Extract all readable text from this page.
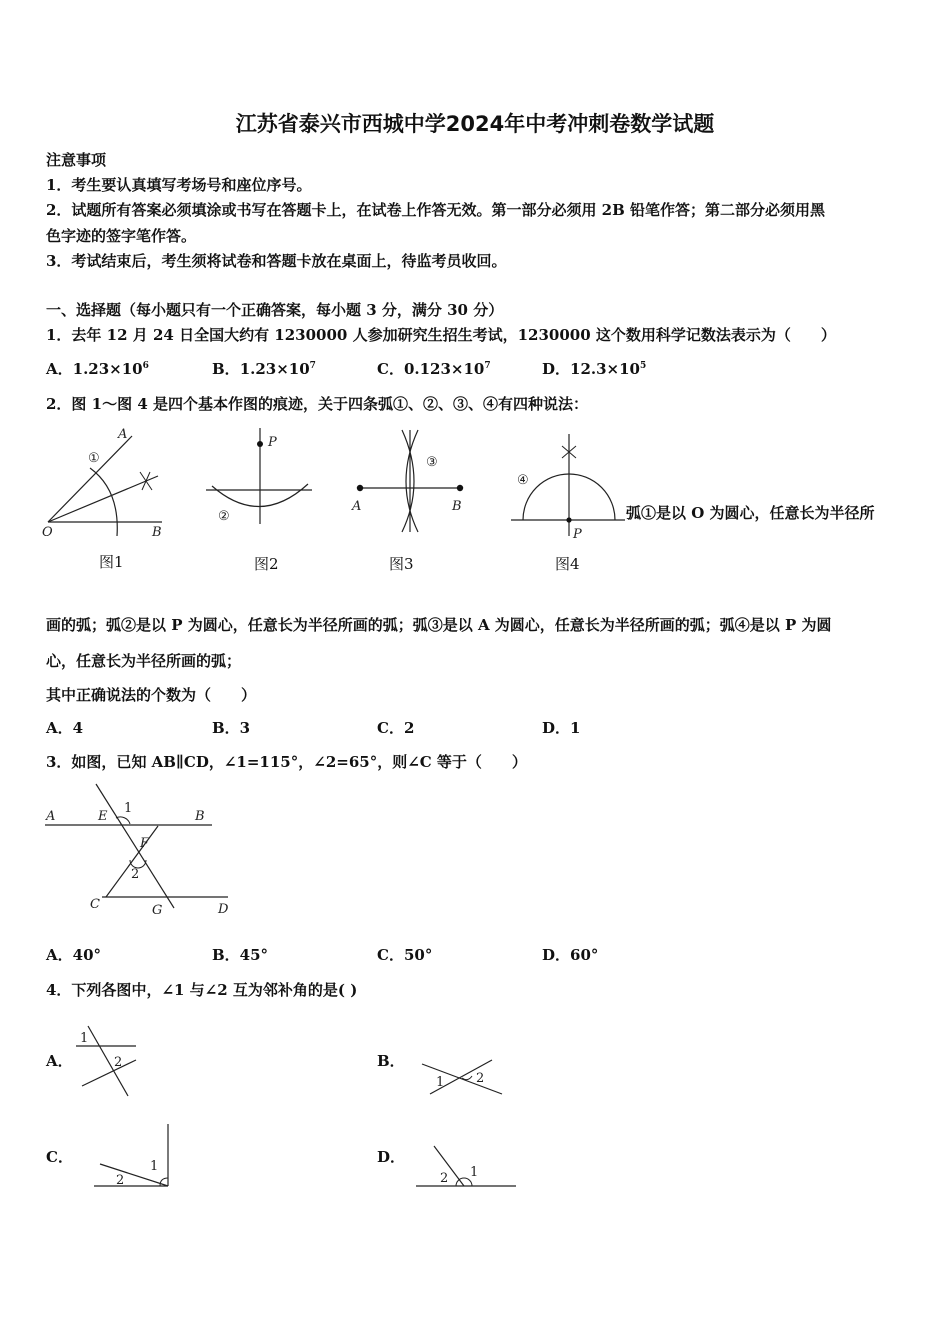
江苏省泰兴市西城中学2024年中考冲刺卷数学试题
注意事项
1．考生要认真填写考场号和座位序号。
2．试题所有答案必须填涂或书写在答题卡上，在试卷上作答无效。第一部分必须用 2B 铅笔作答；第二部分必须用黑
色字迹的签字笔作答。
3．考试结束后，考生须将试卷和答题卡放在桌面上，待监考员收回。
一、选择题（每小题只有一个正确答案，每小题 3 分，满分 30 分）
1．去年 12 月 24 日全国大约有 1230000 人参加研究生招生考试，1230000 这个数用科学记数法表示为（　　）
A．$1.23\times 10^6$	B．$1.23\times 10^7$	C．$0.123\times 10^7$	D．$12.3\times 10^5$
2．图 1～图 4 是四个基本作图的痕迹，关于四条弧①、②、③、④有四种说法：
A
①
O	B
P
②
③
A	B
④
P
图1	图2	图3	图4
弧①是以 O 为圆心，任意长为半径所
画的弧；弧②是以 P 为圆心，任意长为半径所画的弧；弧③是以 A 为圆心，任意长为半径所画的弧；弧④是以 P 为圆
心，任意长为半径所画的弧；
其中正确说法的个数为（　　）
A．4	B．3	C．2	D．1
3．如图，已知 AB∥CD，∠1=115°，∠2=65°，则∠C 等于（　　）
A	E
1
B
F
2
C	G	D
A．40°	B．45°	C．50°	D．60°
4．下列各图中，∠1 与∠2 互为邻补角的是( )
A．
1
2	B．
1 2
C．
1
2
D．
1
2
